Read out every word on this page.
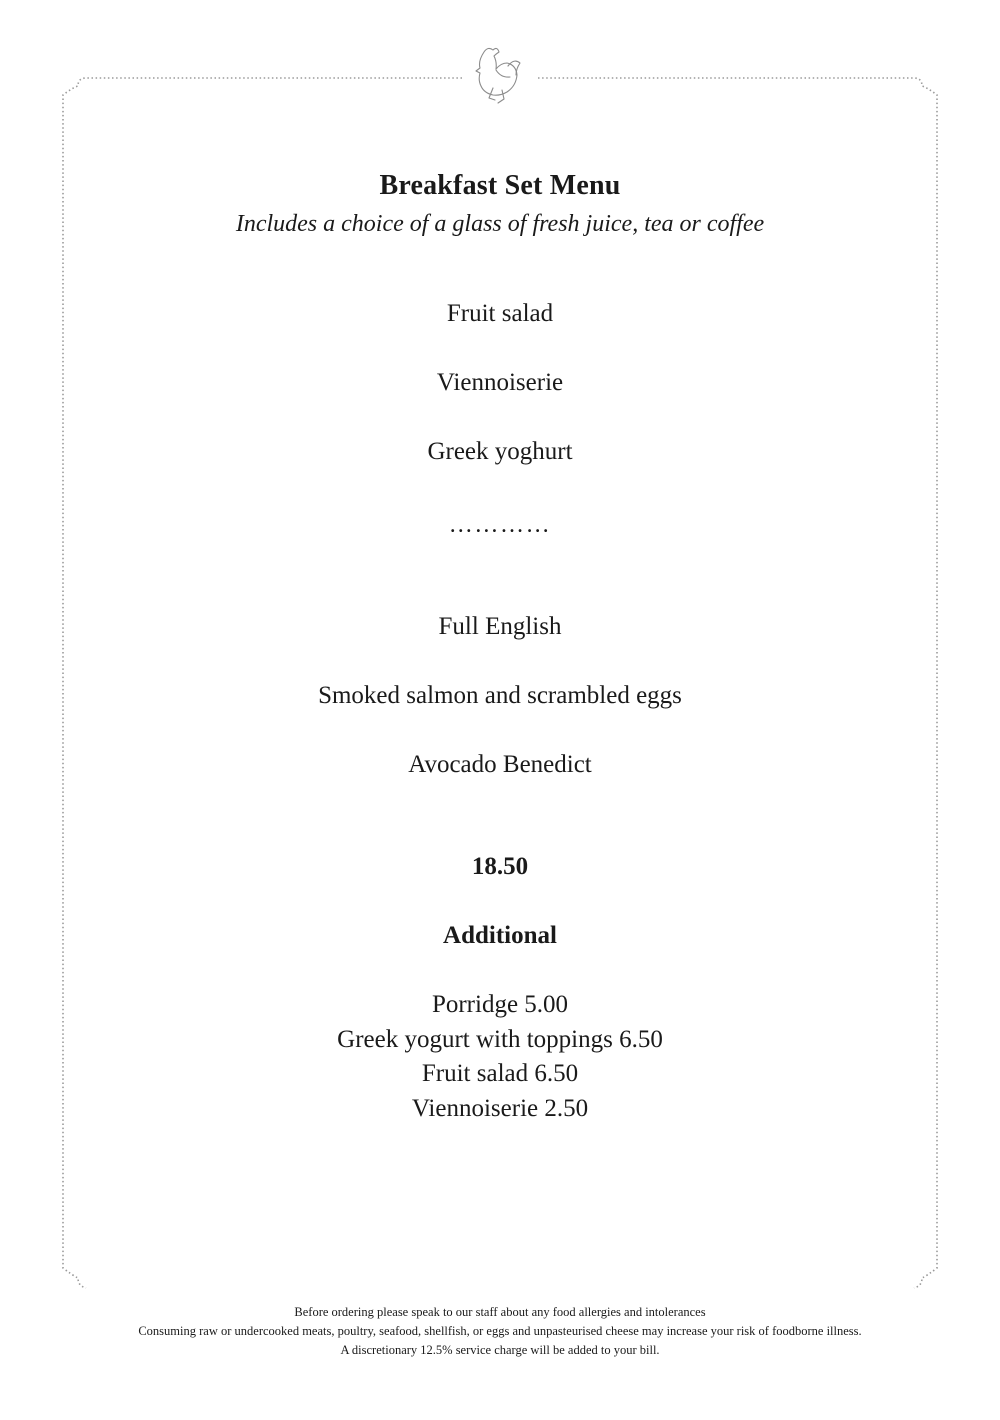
Breakfast Set Menu
Includes a choice of a glass of fresh juice, tea or coffee
Fruit salad
Viennoiserie
Greek yoghurt
…………
Full English
Smoked salmon and scrambled eggs
Avocado Benedict
18.50
Additional
Porridge 5.00
Greek yogurt with toppings 6.50
Fruit salad 6.50
Viennoiserie 2.50
Before ordering please speak to our staff about any food allergies and intolerances
Consuming raw or undercooked meats, poultry, seafood, shellfish, or eggs and unpasteurised cheese may increase your risk of foodborne illness.
A discretionary 12.5% service charge will be added to your bill.
